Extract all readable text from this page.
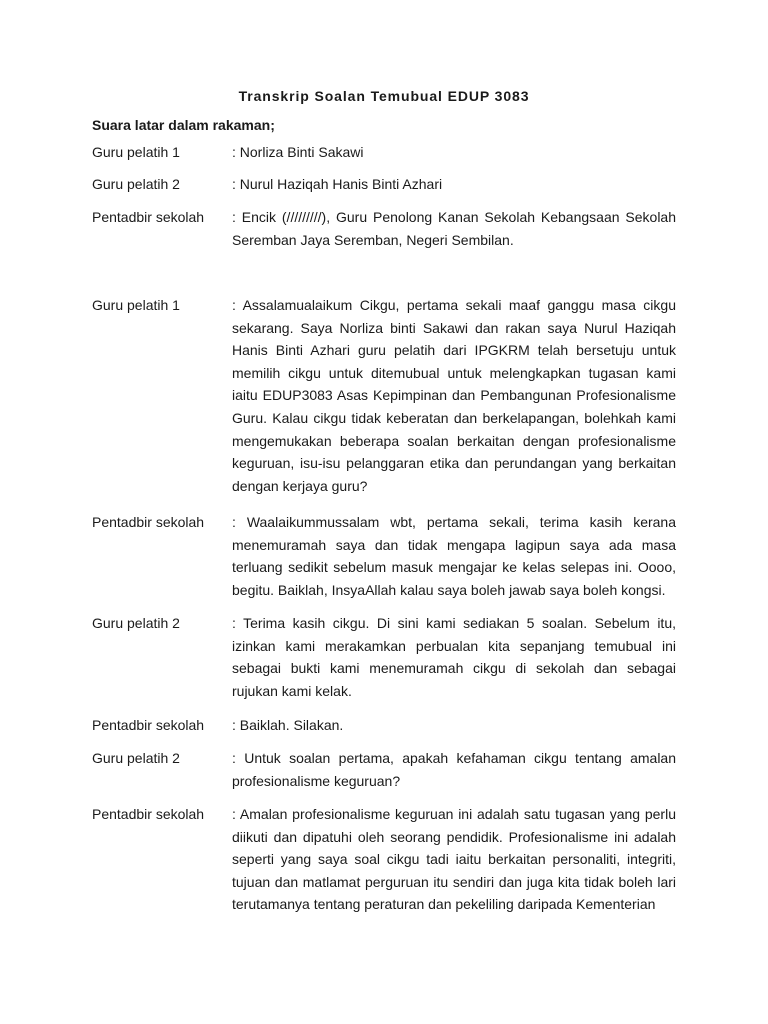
Transkrip Soalan Temubual EDUP 3083

Suara latar dalam rakaman;

Guru pelatih 1	: Norliza Binti Sakawi

Guru pelatih 2	: Nurul Haziqah Hanis Binti Azhari

Pentadbir sekolah	: Encik (/////////), Guru Penolong Kanan Sekolah Kebangsaan Sekolah Seremban Jaya Seremban, Negeri Sembilan.

Guru pelatih 1	: Assalamualaikum Cikgu, pertama sekali maaf ganggu masa cikgu sekarang. Saya Norliza binti Sakawi dan rakan saya Nurul Haziqah Hanis Binti Azhari guru pelatih dari IPGKRM telah bersetuju untuk memilih cikgu untuk ditemubual untuk melengkapkan tugasan kami iaitu EDUP3083 Asas Kepimpinan dan Pembangunan Profesionalisme Guru. Kalau cikgu tidak keberatan dan berkelapangan, bolehkah kami mengemukakan beberapa soalan berkaitan dengan profesionalisme keguruan, isu-isu pelanggaran etika dan perundangan yang berkaitan dengan kerjaya guru?

Pentadbir sekolah	: Waalaikummussalam wbt, pertama sekali, terima kasih kerana menemuramah saya dan tidak mengapa lagipun saya ada masa terluang sedikit sebelum masuk mengajar ke kelas selepas ini. Oooo, begitu. Baiklah, InsyaAllah kalau saya boleh jawab saya boleh kongsi.

Guru pelatih 2	: Terima kasih cikgu. Di sini kami sediakan 5 soalan. Sebelum itu, izinkan kami merakamkan perbualan kita sepanjang temubual ini sebagai bukti kami menemuramah cikgu di sekolah dan sebagai rujukan kami kelak.

Pentadbir sekolah	: Baiklah. Silakan.

Guru pelatih 2	: Untuk soalan pertama, apakah kefahaman cikgu tentang amalan profesionalisme keguruan?

Pentadbir sekolah	: Amalan profesionalisme keguruan ini adalah satu tugasan yang perlu diikuti dan dipatuhi oleh seorang pendidik. Profesionalisme ini adalah seperti yang saya soal cikgu tadi iaitu berkaitan personaliti, integriti, tujuan dan matlamat perguruan itu sendiri dan juga kita tidak boleh lari terutamanya tentang peraturan dan pekeliling daripada Kementerian
